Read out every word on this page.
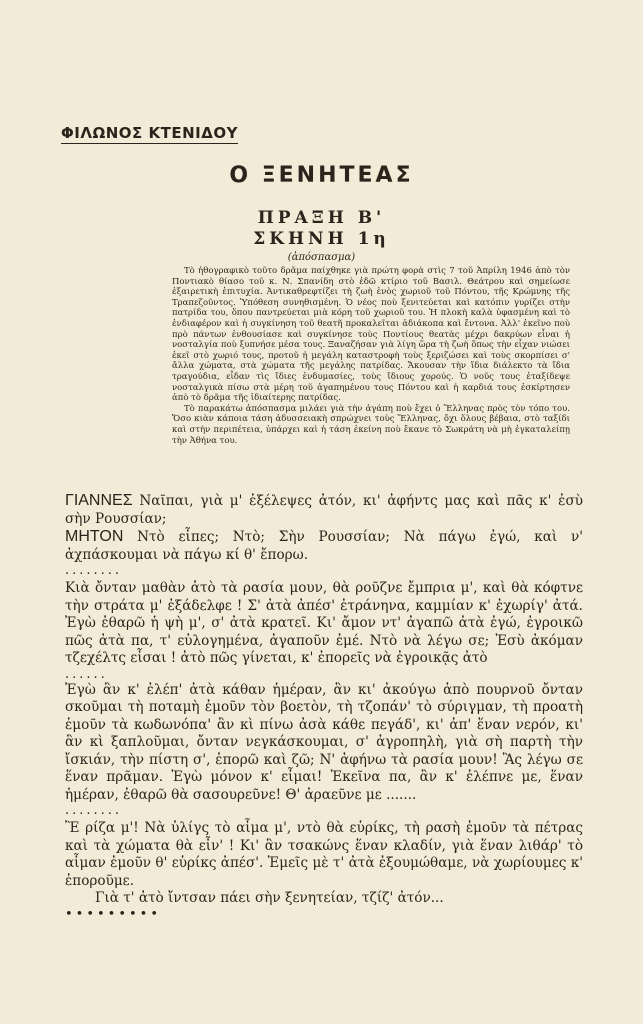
ΦΙΛΩΝΟΣ ΚΤΕΝΙΔΟΥ
Ο ΞΕΝΗΤΕΑΣ
ΠΡΑΞΗ Β'
ΣΚΗΝΗ 1η

(ἀπόσπασμα)

Τὸ ἠθογραφικὸ τοῦτο δρᾶμα παίχθηκε γιὰ πρώτη φορὰ στὶς 7 τοῦ Ἀπρίλη 1946 ἀπὸ τὸν Ποντιακὸ θίασο τοῦ κ. Ν. Σπανίδη στὸ ἐδῶ κτίριο τοῦ Βασιλ. Θεάτρου καὶ σημείωσε ἐξαιρετικὴ ἐπιτυχία. Ἀντικαθρεφτίζει τὴ ζωὴ ἑνὸς χωριοῦ τοῦ Πόντου, τῆς Κρώμνης τῆς Τραπεζοῦντος. Ὑπόθεση συνηθισμένη. Ὁ νέος ποὺ ξενιτεύεται καὶ κατόπιν γυρίζει στὴν πατρίδα του, ὅπου παντρεύεται μιὰ κόρη τοῦ χωριοῦ του. Ἡ πλοκὴ καλὰ ὑφασμένη καὶ τὸ ἐνδιαφέρον καὶ ἡ συγκίνηση τοῦ θεατῆ προκαλεῖται ἀδιάκοπα καὶ ἔντονα. Ἀλλ' ἐκεῖνο ποὺ πρὸ πάντων ἐνθουσίασε καὶ συγκίνησε τοὺς Ποντίους θεατὰς μέχρι δακρύων εἶναι ἡ νοσταλγία ποὺ ξυπνήσε μέσα τους. Ξαναζήσαν γιὰ λίγη ὥρα τὴ ζωὴ ὅπως τὴν εἶχαν νιώσει ἐκεῖ στὸ χωριό τους, προτοῦ ἡ μεγάλη καταστροφὴ τοὺς ξεριζώσει καὶ τοὺς σκορπίσει σ' ἄλλα χώματα, στὰ χώματα τῆς μεγάλης πατρίδας. Ἄκουσαν τὴν ἴδια διάλεκτο τὰ ἴδια τραγούδια, εἶδαν τὶς ἴδιες ἐνδυμασίες, τοὺς ἴδιους χορούς. Ὁ νοῦς τους ἐταξίδεψε νοσταλγικὰ πίσω στὰ μέρη τοῦ ἀγαπημένου τους Πόντου καὶ ἡ καρδιά τους ἐσκίρτησεν ἀπὸ τὸ δρᾶμα τῆς ἰδιαίτερης πατρίδας.

Τὸ παρακάτω ἀπόσπασμα μιλάει γιὰ τὴν ἀγάπη ποὺ ἔχει ὁ Ἕλληνας πρὸς τὸν τόπο του. Ὅσο κιὰν κάποια τάση ἀδυσσειακὴ σπρώχνει τοὺς Ἕλληνας, ὄχι ὅλους βέβαια, στὸ ταξίδι καὶ στὴν περιπέτεια, ὑπάρχει καὶ ἡ τάση ἐκείνη ποὺ ἔκανε τὸ Σωκράτη νὰ μὴ ἐγκαταλείπῃ τὴν Ἀθήνα του.

ΓΙΑΝΝΕΣ Ναῖπαι, γιὰ μ' ἐξέλεψες ἀτόν, κι' ἀφήντς μας καὶ πᾶς κ' ἐσὺ σὴν Ρουσσίαν;

ΜΗΤΟΝ Ντὸ εἶπες; Ντὸ; Σὴν Ρουσσίαν; Νὰ πάγω ἐγώ, καὶ ν' ἀχπάσκουμαι νὰ πάγω κί θ' ἔπορω.

........

Κιὰ ὄνταν μαθὰν ἀτὸ τὰ ρασία μουν, θὰ ροῦζνε ἔμπρια μ', καὶ θὰ κόφτνε τὴν στράτα μ' ἐξάδελφε ! Σ' ἀτὰ ἀπέσ' ἐτράνηνα, καμμίαν κ' ἐχωρίγ' ἀτά. Ἐγὼ ἐθαρῶ ἡ ψὴ μ', σ' ἀτὰ κρατεῖ. Κι' ἄμον ντ' ἀγαπῶ ἀτὰ ἐγώ, ἐγροικῶ πῶς ἀτὰ πα, τ' εὐλογημένα, ἀγαποῦν ἐμέ. Ντὸ νὰ λέγω σε; Ἐσὺ ἀκόμαν τζεχέλτς εἶσαι ! ἀτὸ πῶς γίνεται, κ' ἐπορεῖς νὰ ἐγροικᾷς ἀτὸ

......

Ἐγὼ ἂν κ' ἐλέπ' ἀτὰ κάθαν ἡμέραν, ἂν κι' ἀκούγω ἀπὸ πουρνοῦ ὄνταν σκοῦμαι τὴ ποταμὴ ἐμοῦν τὸν βοετὸν, τὴ τζοπάν' τὸ σύριγμαν, τὴ προατὴ ἐμοῦν τὰ κωδωνόπα' ἂν κὶ πίνω ἀσὰ κάθε πεγάδ', κι' ἀπ' ἕναν νερόν, κι' ἂν κὶ ξαπλοῦμαι, ὄνταν νεγκάσκουμαι, σ' ἀγροπηλὴ, γιὰ σὴ παρτὴ τὴν ἴσκιάν, τὴν πίστη σ', ἐπορῶ καὶ ζῶ; Ν' ἀφήνω τὰ ρασία μουν! Ἂς λέγω σε ἕναν πρᾶμαν. Ἐγὼ μόνον κ' εἶμαι! Ἐκεῖνα πα, ἂν κ' ἐλέπνε με, ἕναν ἡμέραν, ἐθαρῶ θὰ σασουρεῦνε! Θ' ἀραεῦνε με .......

........

Ἒ ρίζα μ'! Νὰ ὑλίγς τὸ αἷμα μ', ντὸ θὰ εὑρίκς, τὴ ρασὴ ἐμοῦν τὰ πέτρας καὶ τὰ χώματα θὰ εἶν' ! Κι' ἂν τσακώνς ἕναν κλαδίν, γιὰ ἕναν λιθάρ' τὸ αἷμαν ἐμοῦν θ' εὑρίκς ἀπέσ'. Ἐμεῖς μὲ τ' ἀτὰ ἐξουμώθαμε, νὰ χωρίουμες κ' ἐποροῦμε.

Γιὰ τ' ἀτὸ ἴντσαν πάει σὴν ξενητείαν, τζίζ' ἀτόν...

•••••••••
